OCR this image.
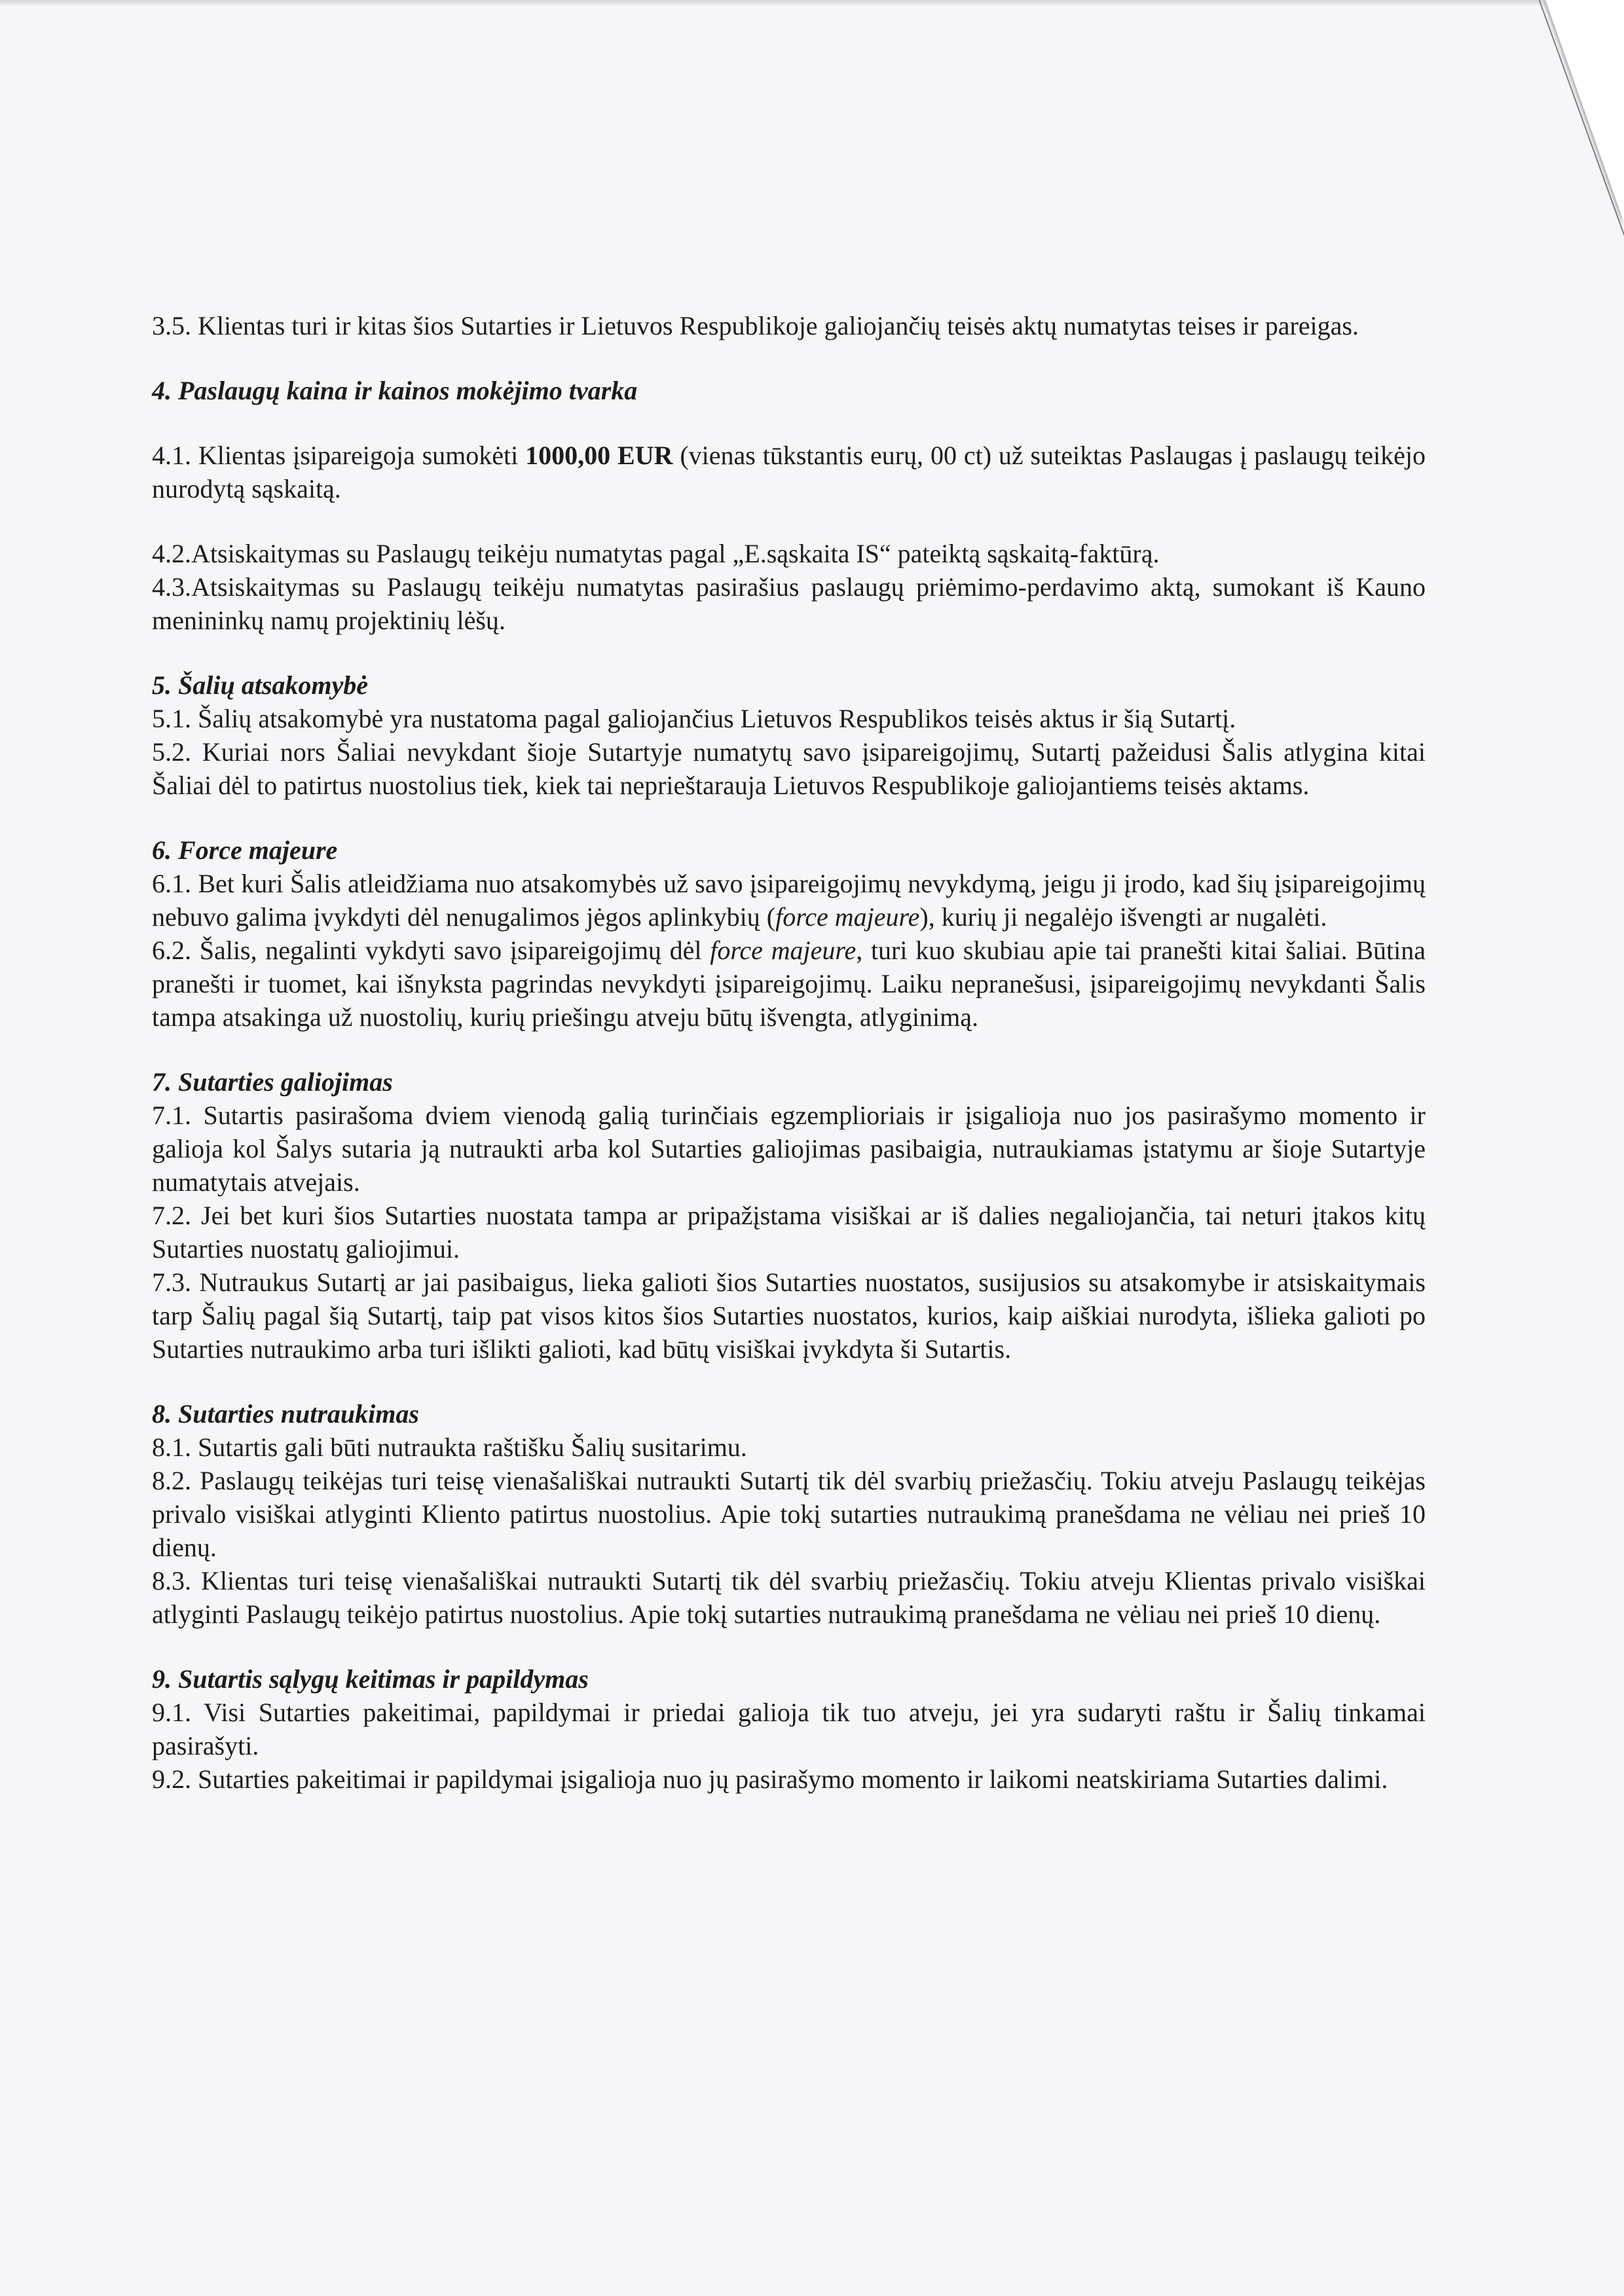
3.5. Klientas turi ir kitas šios Sutarties ir Lietuvos Respublikoje galiojančių teisės aktų numatytas teises ir pareigas.

4. Paslaugų kaina ir kainos mokėjimo tvarka

4.1. Klientas įsipareigoja sumokėti 1000,00 EUR (vienas tūkstantis eurų, 00 ct) už suteiktas Paslaugas į paslaugų teikėjo nurodytą sąskaitą.

4.2.Atsiskaitymas su Paslaugų teikėju numatytas pagal „E.sąskaita IS“ pateiktą sąskaitą-faktūrą.

4.3.Atsiskaitymas su Paslaugų teikėju numatytas pasirašius paslaugų priėmimo-perdavimo aktą, sumokant iš Kauno menininkų namų projektinių lėšų.

5. Šalių atsakomybė

5.1. Šalių atsakomybė yra nustatoma pagal galiojančius Lietuvos Respublikos teisės aktus ir šią Sutartį.

5.2. Kuriai nors Šaliai nevykdant šioje Sutartyje numatytų savo įsipareigojimų, Sutartį pažeidusi Šalis atlygina kitai Šaliai dėl to patirtus nuostolius tiek, kiek tai neprieštarauja Lietuvos Respublikoje galiojantiems teisės aktams.

6. Force majeure

6.1. Bet kuri Šalis atleidžiama nuo atsakomybės už savo įsipareigojimų nevykdymą, jeigu ji įrodo, kad šių įsipareigojimų nebuvo galima įvykdyti dėl nenugalimos jėgos aplinkybių (force majeure), kurių ji negalėjo išvengti ar nugalėti.

6.2. Šalis, negalinti vykdyti savo įsipareigojimų dėl force majeure, turi kuo skubiau apie tai pranešti kitai šaliai. Būtina pranešti ir tuomet, kai išnyksta pagrindas nevykdyti įsipareigojimų. Laiku nepranešusi, įsipareigojimų nevykdanti Šalis tampa atsakinga už nuostolių, kurių priešingu atveju būtų išvengta, atlyginimą.

7. Sutarties galiojimas

7.1. Sutartis pasirašoma dviem vienodą galią turinčiais egzemplioriais ir įsigalioja nuo jos pasirašymo momento ir galioja kol Šalys sutaria ją nutraukti arba kol Sutarties galiojimas pasibaigia, nutraukiamas įstatymu ar šioje Sutartyje numatytais atvejais.

7.2. Jei bet kuri šios Sutarties nuostata tampa ar pripažįstama visiškai ar iš dalies negaliojančia, tai neturi įtakos kitų Sutarties nuostatų galiojimui.

7.3. Nutraukus Sutartį ar jai pasibaigus, lieka galioti šios Sutarties nuostatos, susijusios su atsakomybe ir atsiskaitymais tarp Šalių pagal šią Sutartį, taip pat visos kitos šios Sutarties nuostatos, kurios, kaip aiškiai nurodyta, išlieka galioti po Sutarties nutraukimo arba turi išlikti galioti, kad būtų visiškai įvykdyta ši Sutartis.

8. Sutarties nutraukimas

8.1. Sutartis gali būti nutraukta raštišku Šalių susitarimu.

8.2. Paslaugų teikėjas turi teisę vienašališkai nutraukti Sutartį tik dėl svarbių priežasčių. Tokiu atveju Paslaugų teikėjas privalo visiškai atlyginti Kliento patirtus nuostolius. Apie tokį sutarties nutraukimą pranešdama ne vėliau nei prieš 10 dienų.

8.3. Klientas turi teisę vienašališkai nutraukti Sutartį tik dėl svarbių priežasčių. Tokiu atveju Klientas privalo visiškai atlyginti Paslaugų teikėjo patirtus nuostolius. Apie tokį sutarties nutraukimą pranešdama ne vėliau nei prieš 10 dienų.

9. Sutartis sąlygų keitimas ir papildymas

9.1. Visi Sutarties pakeitimai, papildymai ir priedai galioja tik tuo atveju, jei yra sudaryti raštu ir Šalių tinkamai pasirašyti.

9.2. Sutarties pakeitimai ir papildymai įsigalioja nuo jų pasirašymo momento ir laikomi neatskiriama Sutarties dalimi.
